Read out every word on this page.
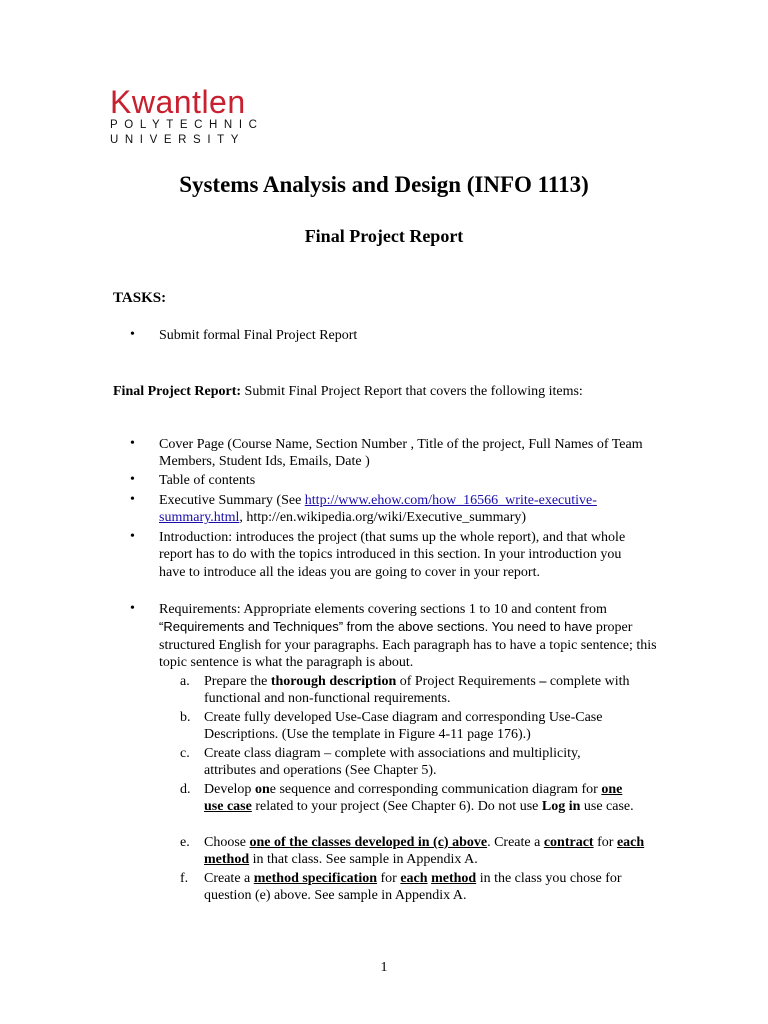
Kwantlen
POLYTECHNIC
UNIVERSITY
Systems Analysis and Design (INFO 1113)
Final Project Report
TASKS:
• Submit formal Final Project Report
Final Project Report: Submit Final Project Report that covers the following items:
• Cover Page (Course Name, Section Number , Title of the project, Full Names of Team Members, Student Ids, Emails, Date )
• Table of contents
• Executive Summary (See http://www.ehow.com/how_16566_write-executive-summary.html, http://en.wikipedia.org/wiki/Executive_summary)
• Introduction: introduces the project (that sums up the whole report), and that whole report has to do with the topics introduced in this section. In your introduction you have to introduce all the ideas you are going to cover in your report.
• Requirements: Appropriate elements covering sections 1 to 10 and content from “Requirements and Techniques” from the above sections. You need to have proper structured English for your paragraphs. Each paragraph has to have a topic sentence; this topic sentence is what the paragraph is about.
a. Prepare the thorough description of Project Requirements – complete with functional and non-functional requirements.
b. Create fully developed Use-Case diagram and corresponding Use-Case Descriptions. (Use the template in Figure 4-11 page 176).)
c. Create class diagram – complete with associations and multiplicity, attributes and operations (See Chapter 5).
d. Develop one sequence and corresponding communication diagram for one use case related to your project (See Chapter 6). Do not use Log in use case.
e. Choose one of the classes developed in (c) above. Create a contract for each method in that class. See sample in Appendix A.
f. Create a method specification for each method in the class you chose for question (e) above. See sample in Appendix A.
1
